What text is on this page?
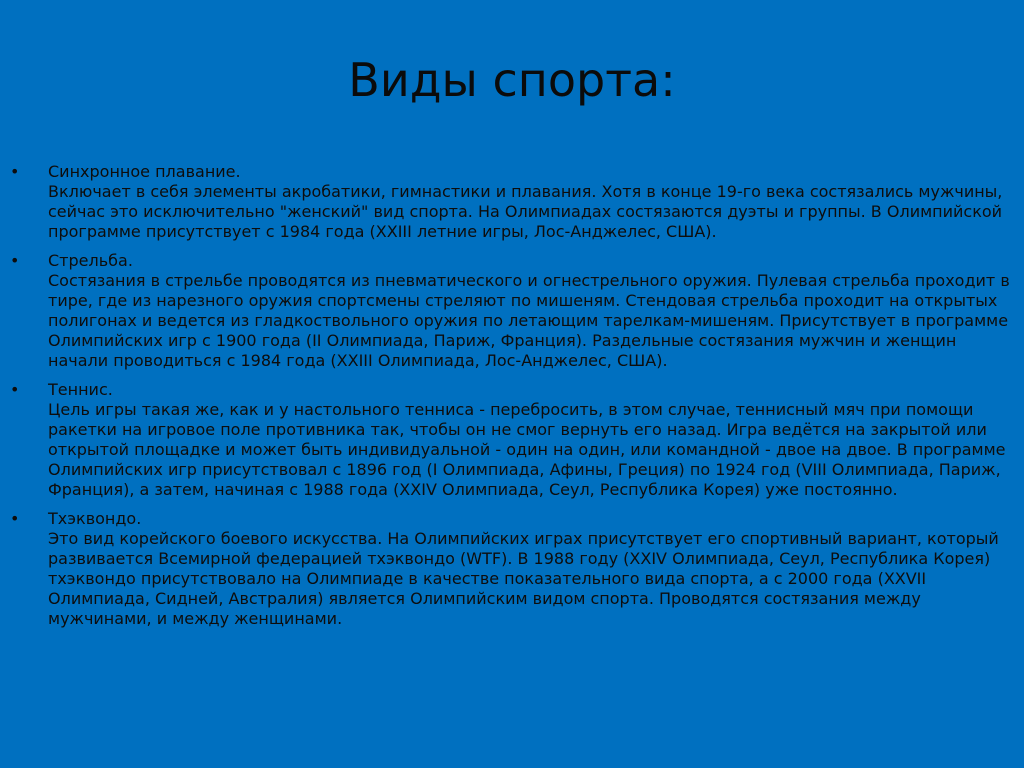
Виды спорта:
•	Синхронное плавание.
Включает в себя элементы акробатики, гимнастики и плавания. Хотя в конце 19-го века состязались мужчины, сейчас это исключительно "женский" вид спорта. На Олимпиадах состязаются дуэты и группы. В Олимпийской программе присутствует с 1984 года (XXIII летние игры, Лос-Анджелес, США).
•	Стрельба.
Состязания в стрельбе проводятся из пневматического и огнестрельного оружия. Пулевая стрельба проходит в тире, где из нарезного оружия спортсмены стреляют по мишеням. Стендовая стрельба проходит на открытых полигонах и ведется из гладкоствольного оружия по летающим тарелкам-мишеням. Присутствует в программе Олимпийских игр с 1900 года (II Олимпиада, Париж, Франция). Раздельные состязания мужчин и женщин начали проводиться с 1984 года (XXIII Олимпиада, Лос-Анджелес, США).
•	Теннис.
Цель игры такая же, как и у настольного тенниса - перебросить, в этом случае, теннисный мяч при помощи ракетки на игровое поле противника так, чтобы он не смог вернуть его назад. Игра ведётся на закрытой или открытой площадке и может быть индивидуальной - один на один, или командной - двое на двое. В программе Олимпийских игр присутствовал с 1896 год (I Олимпиада, Афины, Греция) по 1924 год (VIII Олимпиада, Париж, Франция), а затем, начиная с 1988 года (XXIV Олимпиада, Сеул, Республика Корея) уже постоянно.
•	Тхэквондо.
Это вид корейского боевого искусства. На Олимпийских играх присутствует его спортивный вариант, который развивается Всемирной федерацией тхэквондо (WTF). В 1988 году (XXIV Олимпиада, Сеул, Республика Корея) тхэквондо присутствовало на Олимпиаде в качестве показательного вида спорта, а с 2000 года (XXVII Олимпиада, Сидней, Австралия) является Олимпийским видом спорта. Проводятся состязания между мужчинами, и между женщинами.
